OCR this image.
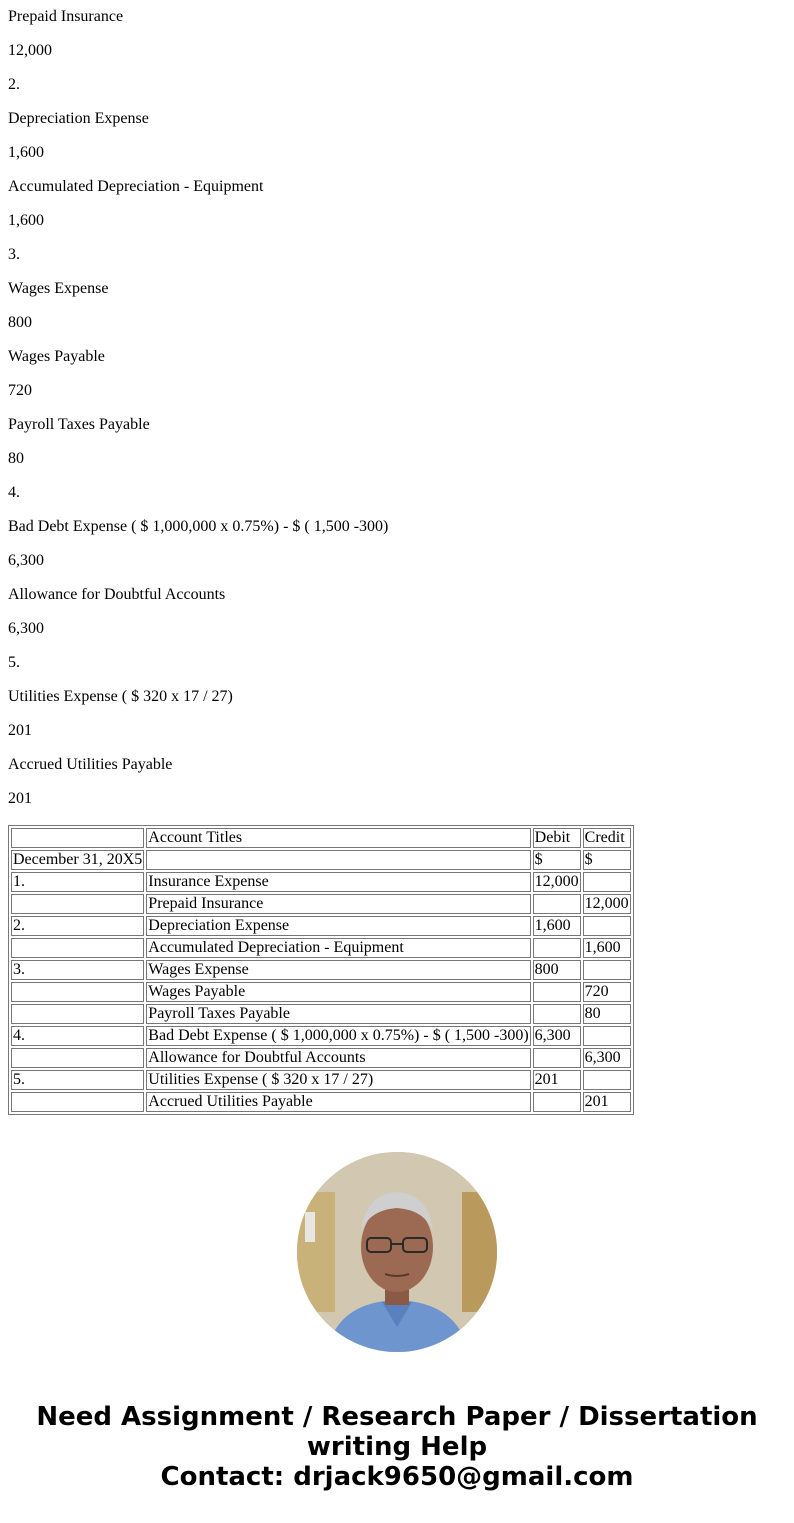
Prepaid Insurance

12,000

2.

Depreciation Expense

1,600

Accumulated Depreciation - Equipment

1,600

3.

Wages Expense

800

Wages Payable

720

Payroll Taxes Payable

80

4.

Bad Debt Expense ( $ 1,000,000 x 0.75%) - $ ( 1,500 -300)

6,300

Allowance for Doubtful Accounts

6,300

5.

Utilities Expense ( $ 320 x 17 / 27)

201

Accrued Utilities Payable

201

	Account Titles	Debit	Credit
December 31, 20X5		$	$
1.	Insurance Expense	12,000	
	Prepaid Insurance		12,000
2.	Depreciation Expense	1,600	
	Accumulated Depreciation - Equipment		1,600
3.	Wages Expense	800	
	Wages Payable		720
	Payroll Taxes Payable		80
4.	Bad Debt Expense ( $ 1,000,000 x 0.75%) - $ ( 1,500 -300)	6,300	
	Allowance for Doubtful Accounts		6,300
5.	Utilities Expense ( $ 320 x 17 / 27)	201	
	Accrued Utilities Payable		201
Need Assignment / Research Paper / Dissertation
writing Help
Contact: drjack9650@gmail.com
